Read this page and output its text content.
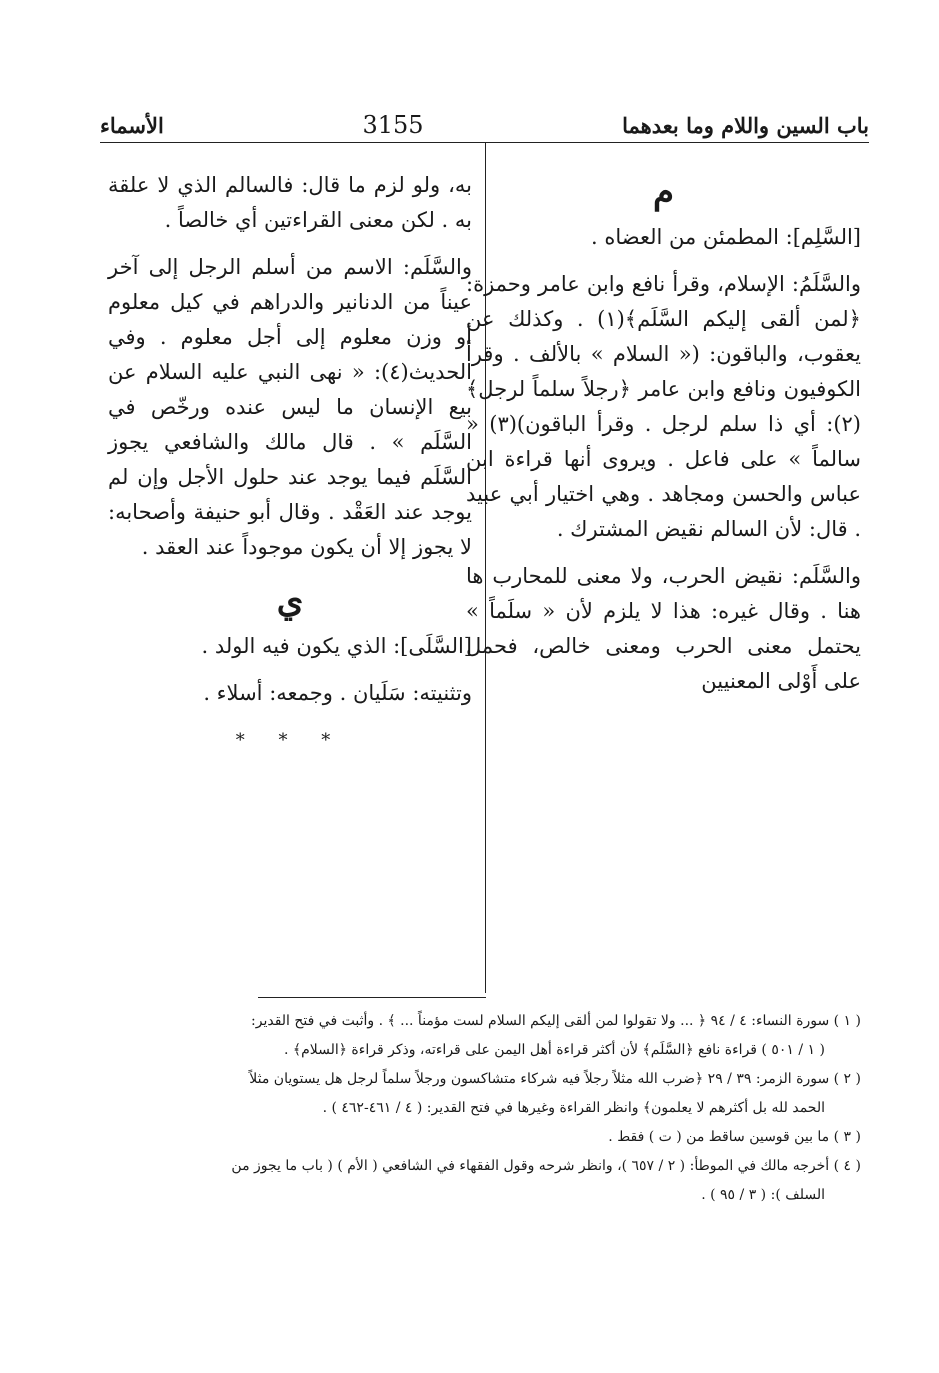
باب السين واللام وما بعدهما
3155
الأسماء
م

[السَّلِم]: المطمئن من العضاه .

والسَّلَمُ: الإسلام، وقرأ نافع وابن عامر وحمزة: ﴿لمن ألقى إليكم السَّلَم﴾(١) . وكذلك عن يعقوب، والباقون: (« السلام » بالألف . وقرأ الكوفيون ونافع وابن عامر ﴿رجلاً سلماً لرجل﴾(٢): أي ذا سلم لرجل . وقرأ الباقون)(٣) « سالماً » على فاعل . ويروى أنها قراءة ابن عباس والحسن ومجاهد . وهي اختيار أبي عبيد . قال: لأن السالم نقيض المشترك .

والسَّلَم: نقيض الحرب، ولا معنى للمحارب ها هنا . وقال غيره: هذا لا يلزم لأن « سلَماً » يحتمل معنى الحرب ومعنى خالص، فحمل على أَوْلى المعنيين

به، ولو لزم ما قال: فالسالم الذي لا علقة به . لكن معنى القراءتين أي خالصاً .

والسَّلَم: الاسم من أسلم الرجل إلى آخر عيناً من الدنانير والدراهم في كيل معلوم أو وزن معلوم إلى أجل معلوم . وفي الحديث(٤): « نهى النبي عليه السلام عن بيع الإنسان ما ليس عنده ورخّص في السَّلَم » . قال مالك والشافعي يجوز السَّلَم فيما يوجد عند حلول الأجل وإن لم يوجد عند العَقْد . وقال أبو حنيفة وأصحابه: لا يجوز إلا أن يكون موجوداً عند العقد .

ي

[السَّلَى]: الذي يكون فيه الولد .

وتثنيته: سَلَيان . وجمعه: أسلاء .

* * *

( ١ ) سورة النساء: ٤ / ٩٤ ﴿ ... ولا تقولوا لمن ألقى إليكم السلام لست مؤمناً ... ﴾ . وأثبت في فتح القدير:

( ١ / ٥٠١ ) قراءة نافع ﴿السَّلَم﴾ لأن أكثر قراءة أهل اليمن على قراءته، وذكر قراءة ﴿السلام﴾ .

( ٢ ) سورة الزمر: ٣٩ / ٢٩ ﴿ضرب الله مثلاً رجلاً فيه شركاء متشاكسون ورجلاً سلماً لرجل هل يستويان مثلاً

الحمد لله بل أكثرهم لا يعلمون﴾ وانظر القراءة وغيرها في فتح القدير: ( ٤ / ٤٦١-٤٦٢ ) .

( ٣ ) ما بين قوسين ساقط من ( ت ) فقط .

( ٤ ) أخرجه مالك في الموطأ: ( ٢ / ٦٥٧ )، وانظر شرحه وقول الفقهاء في الشافعي ( الأم ) ( باب ما يجوز من

السلف ): ( ٣ / ٩٥ ) .
